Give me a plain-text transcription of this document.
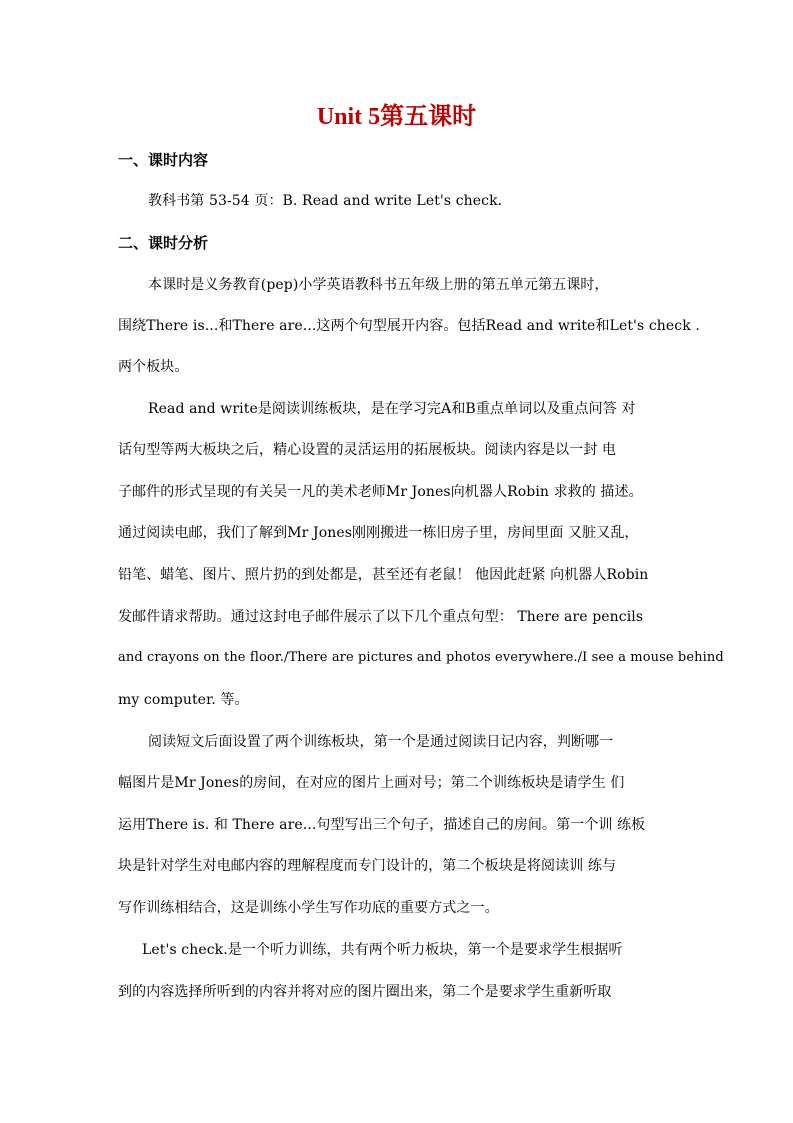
Unit 5第五课时
一、课时内容
教科书第 53-54 页：B. Read and write Let's check.
二、课时分析
本课时是义务教育(pep)小学英语教科书五年级上册的第五单元第五课时，
围绕There is...和There are...这两个句型展开内容。包括Read and write和Let's check .
两个板块。
Read and write是阅读训练板块，是在学习完A和B重点单词以及重点问答 对
话句型等两大板块之后，精心设置的灵活运用的拓展板块。阅读内容是以一封 电
子邮件的形式呈现的有关吴一凡的美术老师Mr Jones向机器人Robin 求救的 描述。
通过阅读电邮，我们了解到Mr Jones刚刚搬进一栋旧房子里，房间里面 又脏又乱，
铅笔、蜡笔、图片、照片扔的到处都是，甚至还有老鼠！ 他因此赶紧 向机器人Robin
发邮件请求帮助。通过这封电子邮件展示了以下几个重点句型： There are pencils
and crayons on the floor./There are pictures and photos everywhere./I see a mouse behind
my computer. 等。
阅读短文后面设置了两个训练板块，第一个是通过阅读日记内容，判断哪一
幅图片是Mr Jones的房间，在对应的图片上画对号；第二个训练板块是请学生 们
运用There is. 和 There are...句型写出三个句子，描述自己的房间。第一个训 练板
块是针对学生对电邮内容的理解程度而专门设计的，第二个板块是将阅读训 练与
写作训练相结合，这是训练小学生写作功底的重要方式之一。
Let's check.是一个听力训练，共有两个听力板块，第一个是要求学生根据听
到的内容选择所听到的内容并将对应的图片圈出来，第二个是要求学生重新听取
